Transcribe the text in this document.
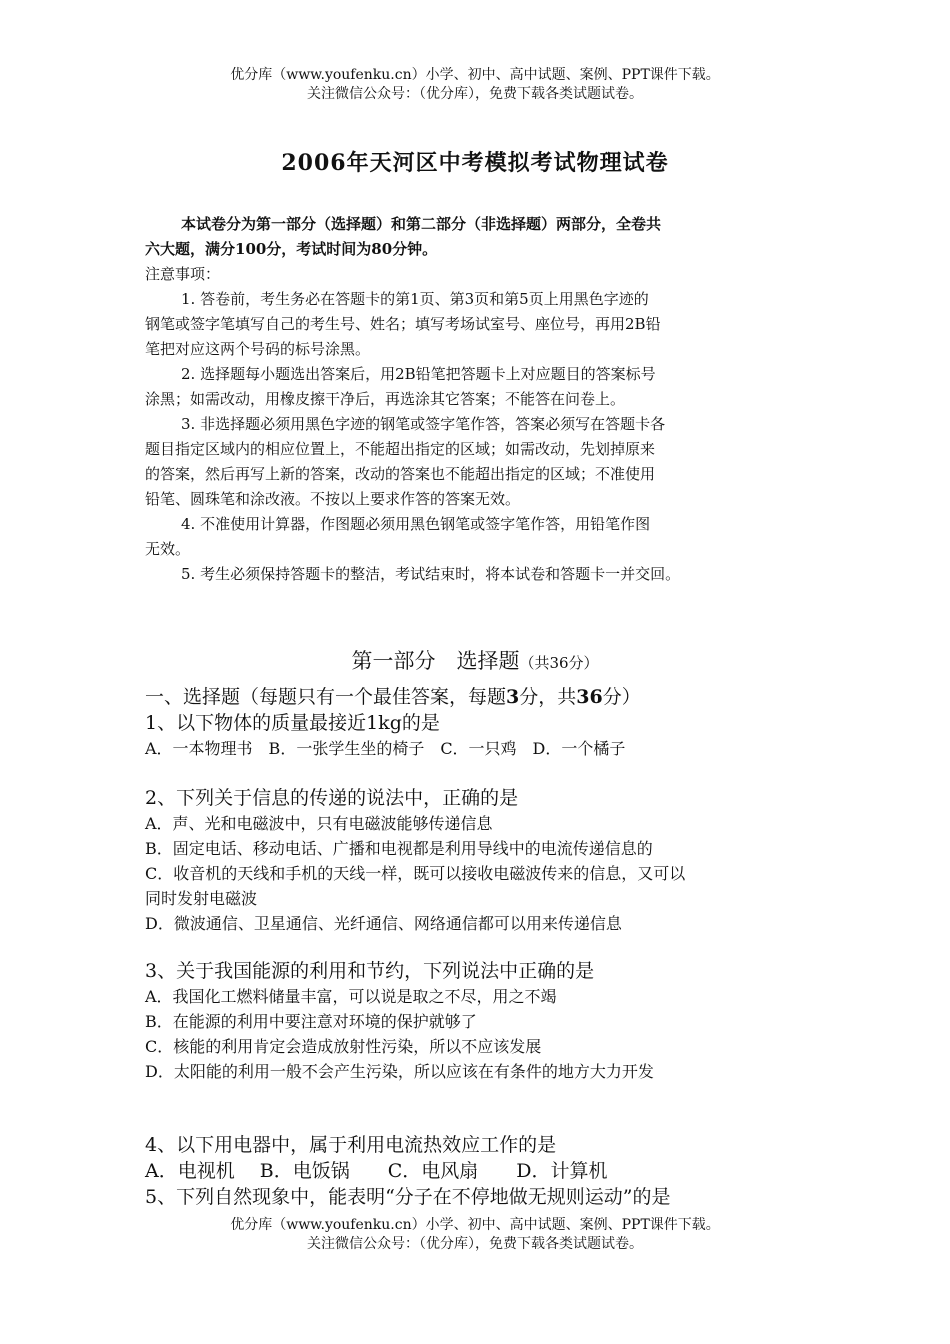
优分库（www.youfenku.cn）小学、初中、高中试题、案例、PPT课件下载。
关注微信公众号：（优分库），免费下载各类试题试卷。
2006年天河区中考模拟考试物理试卷
本试卷分为第一部分（选择题）和第二部分（非选择题）两部分，全卷共
六大题，满分100分，考试时间为80分钟。
注意事项：
1. 答卷前，考生务必在答题卡的第1页、第3页和第5页上用黑色字迹的
钢笔或签字笔填写自己的考生号、姓名；填写考场试室号、座位号，再用2B铅
笔把对应这两个号码的标号涂黑。
2. 选择题每小题选出答案后，用2B铅笔把答题卡上对应题目的答案标号
涂黑；如需改动，用橡皮擦干净后，再选涂其它答案；不能答在问卷上。
3. 非选择题必须用黑色字迹的钢笔或签字笔作答，答案必须写在答题卡各
题目指定区域内的相应位置上，不能超出指定的区域；如需改动，先划掉原来
的答案，然后再写上新的答案，改动的答案也不能超出指定的区域；不准使用
铅笔、圆珠笔和涂改液。不按以上要求作答的答案无效。
4. 不准使用计算器，作图题必须用黑色钢笔或签字笔作答，用铅笔作图
无效。
5. 考生必须保持答题卡的整洁，考试结束时，将本试卷和答题卡一并交回。
第一部分　选择题（共36分）
一、选择题（每题只有一个最佳答案，每题3分，共36分）
1、以下物体的质量最接近1kg的是
A．一本物理书　B．一张学生坐的椅子　C．一只鸡　D．一个橘子
2、下列关于信息的传递的说法中，正确的是
A．声、光和电磁波中，只有电磁波能够传递信息
B．固定电话、移动电话、广播和电视都是利用导线中的电流传递信息的
C．收音机的天线和手机的天线一样，既可以接收电磁波传来的信息，又可以
同时发射电磁波
D．微波通信、卫星通信、光纤通信、网络通信都可以用来传递信息
3、关于我国能源的利用和节约，下列说法中正确的是
A．我国化工燃料储量丰富，可以说是取之不尽，用之不竭
B．在能源的利用中要注意对环境的保护就够了
C．核能的利用肯定会造成放射性污染，所以不应该发展
D．太阳能的利用一般不会产生污染，所以应该在有条件的地方大力开发
4、以下用电器中，属于利用电流热效应工作的是
A．电视机　 B．电饭锅　　C．电风扇　　D．计算机
5、下列自然现象中，能表明“分子在不停地做无规则运动”的是
优分库（www.youfenku.cn）小学、初中、高中试题、案例、PPT课件下载。
关注微信公众号：（优分库），免费下载各类试题试卷。
